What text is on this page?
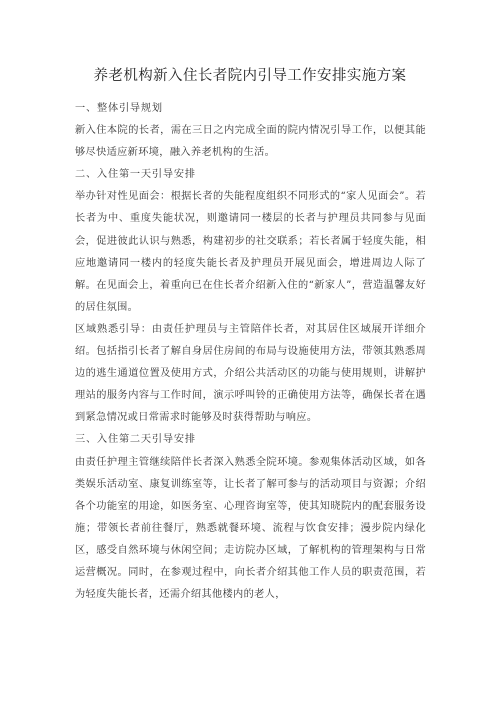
养老机构新入住长者院内引导工作安排实施方案

一、整体引导规划

新入住本院的长者，需在三日之内完成全面的院内情况引导工作，以便其能够尽快适应新环境，融入养老机构的生活。

二、入住第一天引导安排

举办针对性见面会：根据长者的失能程度组织不同形式的“家人见面会”。若长者为中、重度失能状况，则邀请同一楼层的长者与护理员共同参与见面会，促进彼此认识与熟悉，构建初步的社交联系；若长者属于轻度失能，相应地邀请同一楼内的轻度失能长者及护理员开展见面会，增进周边人际了解。在见面会上，着重向已在住长者介绍新入住的“新家人”，营造温馨友好的居住氛围。

区域熟悉引导：由责任护理员与主管陪伴长者，对其居住区域展开详细介绍。包括指引长者了解自身居住房间的布局与设施使用方法，带领其熟悉周边的逃生通道位置及使用方式，介绍公共活动区的功能与使用规则，讲解护理站的服务内容与工作时间，演示呼叫铃的正确使用方法等，确保长者在遇到紧急情况或日常需求时能够及时获得帮助与响应。

三、入住第二天引导安排

由责任护理主管继续陪伴长者深入熟悉全院环境。参观集体活动区域，如各类娱乐活动室、康复训练室等，让长者了解可参与的活动项目与资源；介绍各个功能室的用途，如医务室、心理咨询室等，使其知晓院内的配套服务设施；带领长者前往餐厅，熟悉就餐环境、流程与饮食安排；漫步院内绿化区，感受自然环境与休闲空间；走访院办区域，了解机构的管理架构与日常运营概况。同时，在参观过程中，向长者介绍其他工作人员的职责范围，若为轻度失能长者，还需介绍其他楼内的老人，
